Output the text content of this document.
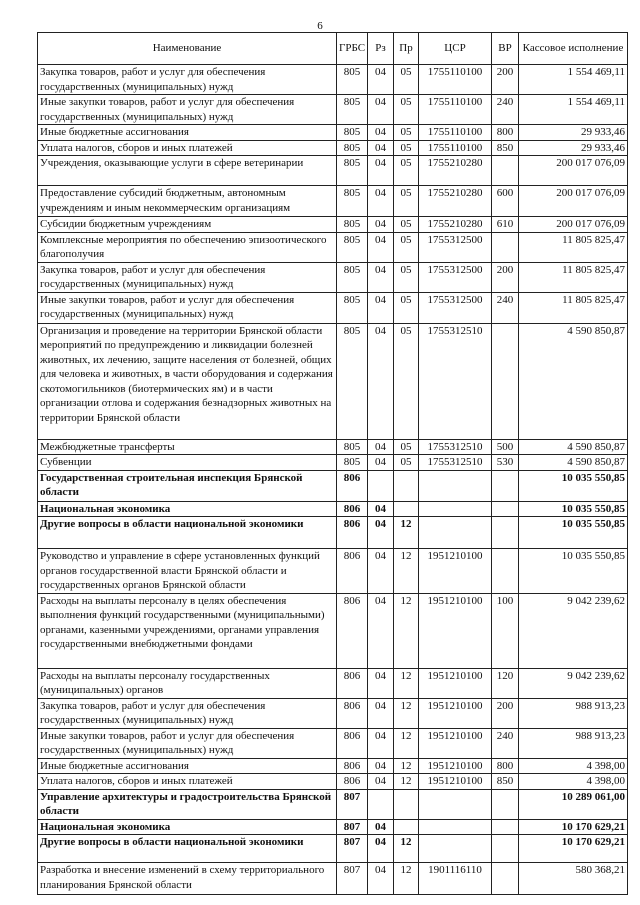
6
Наименование	ГРБС	Рз	Пр	ЦСР	ВР	Кассовое исполнение
Закупка товаров, работ и услуг для обеспечения государственных (муниципальных) нужд	805	04	05	1755110100	200	1 554 469,11
Иные закупки товаров, работ и услуг для обеспечения государственных (муниципальных) нужд	805	04	05	1755110100	240	1 554 469,11
Иные бюджетные ассигнования	805	04	05	1755110100	800	29 933,46
Уплата налогов, сборов и иных платежей	805	04	05	1755110100	850	29 933,46
Учреждения, оказывающие услуги в сфере ветеринарии	805	04	05	1755210280		200 017 076,09
Предоставление субсидий бюджетным, автономным учреждениям и иным некоммерческим организациям	805	04	05	1755210280	600	200 017 076,09
Субсидии бюджетным учреждениям	805	04	05	1755210280	610	200 017 076,09
Комплексные мероприятия по обеспечению эпизоотического благополучия	805	04	05	1755312500		11 805 825,47
Закупка товаров, работ и услуг для обеспечения государственных (муниципальных) нужд	805	04	05	1755312500	200	11 805 825,47
Иные закупки товаров, работ и услуг для обеспечения государственных (муниципальных) нужд	805	04	05	1755312500	240	11 805 825,47
Организация и проведение на территории Брянской области мероприятий по предупреждению и ликвидации болезней животных, их лечению, защите населения от болезней, общих для человека и животных, в части оборудования и содержания скотомогильников (биотермических ям) и в части организации отлова и содержания безнадзорных животных на территории Брянской области	805	04	05	1755312510		4 590 850,87
Межбюджетные трансферты	805	04	05	1755312510	500	4 590 850,87
Субвенции	805	04	05	1755312510	530	4 590 850,87
Государственная строительная инспекция Брянской области	806					10 035 550,85
Национальная экономика	806	04				10 035 550,85
Другие вопросы в области национальной экономики	806	04	12			10 035 550,85
Руководство и управление в сфере установленных функций органов государственной власти Брянской области и государственных органов Брянской области	806	04	12	1951210100		10 035 550,85
Расходы на выплаты персоналу в целях обеспечения выполнения функций государственными (муниципальными) органами, казенными учреждениями, органами управления государственными внебюджетными фондами	806	04	12	1951210100	100	9 042 239,62
Расходы на выплаты персоналу государственных (муниципальных) органов	806	04	12	1951210100	120	9 042 239,62
Закупка товаров, работ и услуг для обеспечения государственных (муниципальных) нужд	806	04	12	1951210100	200	988 913,23
Иные закупки товаров, работ и услуг для обеспечения государственных (муниципальных) нужд	806	04	12	1951210100	240	988 913,23
Иные бюджетные ассигнования	806	04	12	1951210100	800	4 398,00
Уплата налогов, сборов и иных платежей	806	04	12	1951210100	850	4 398,00
Управление архитектуры и градостроительства Брянской области	807					10 289 061,00
Национальная экономика	807	04				10 170 629,21
Другие вопросы в области национальной экономики	807	04	12			10 170 629,21
Разработка и внесение изменений в схему территориального планирования Брянской области	807	04	12	1901116110		580 368,21
